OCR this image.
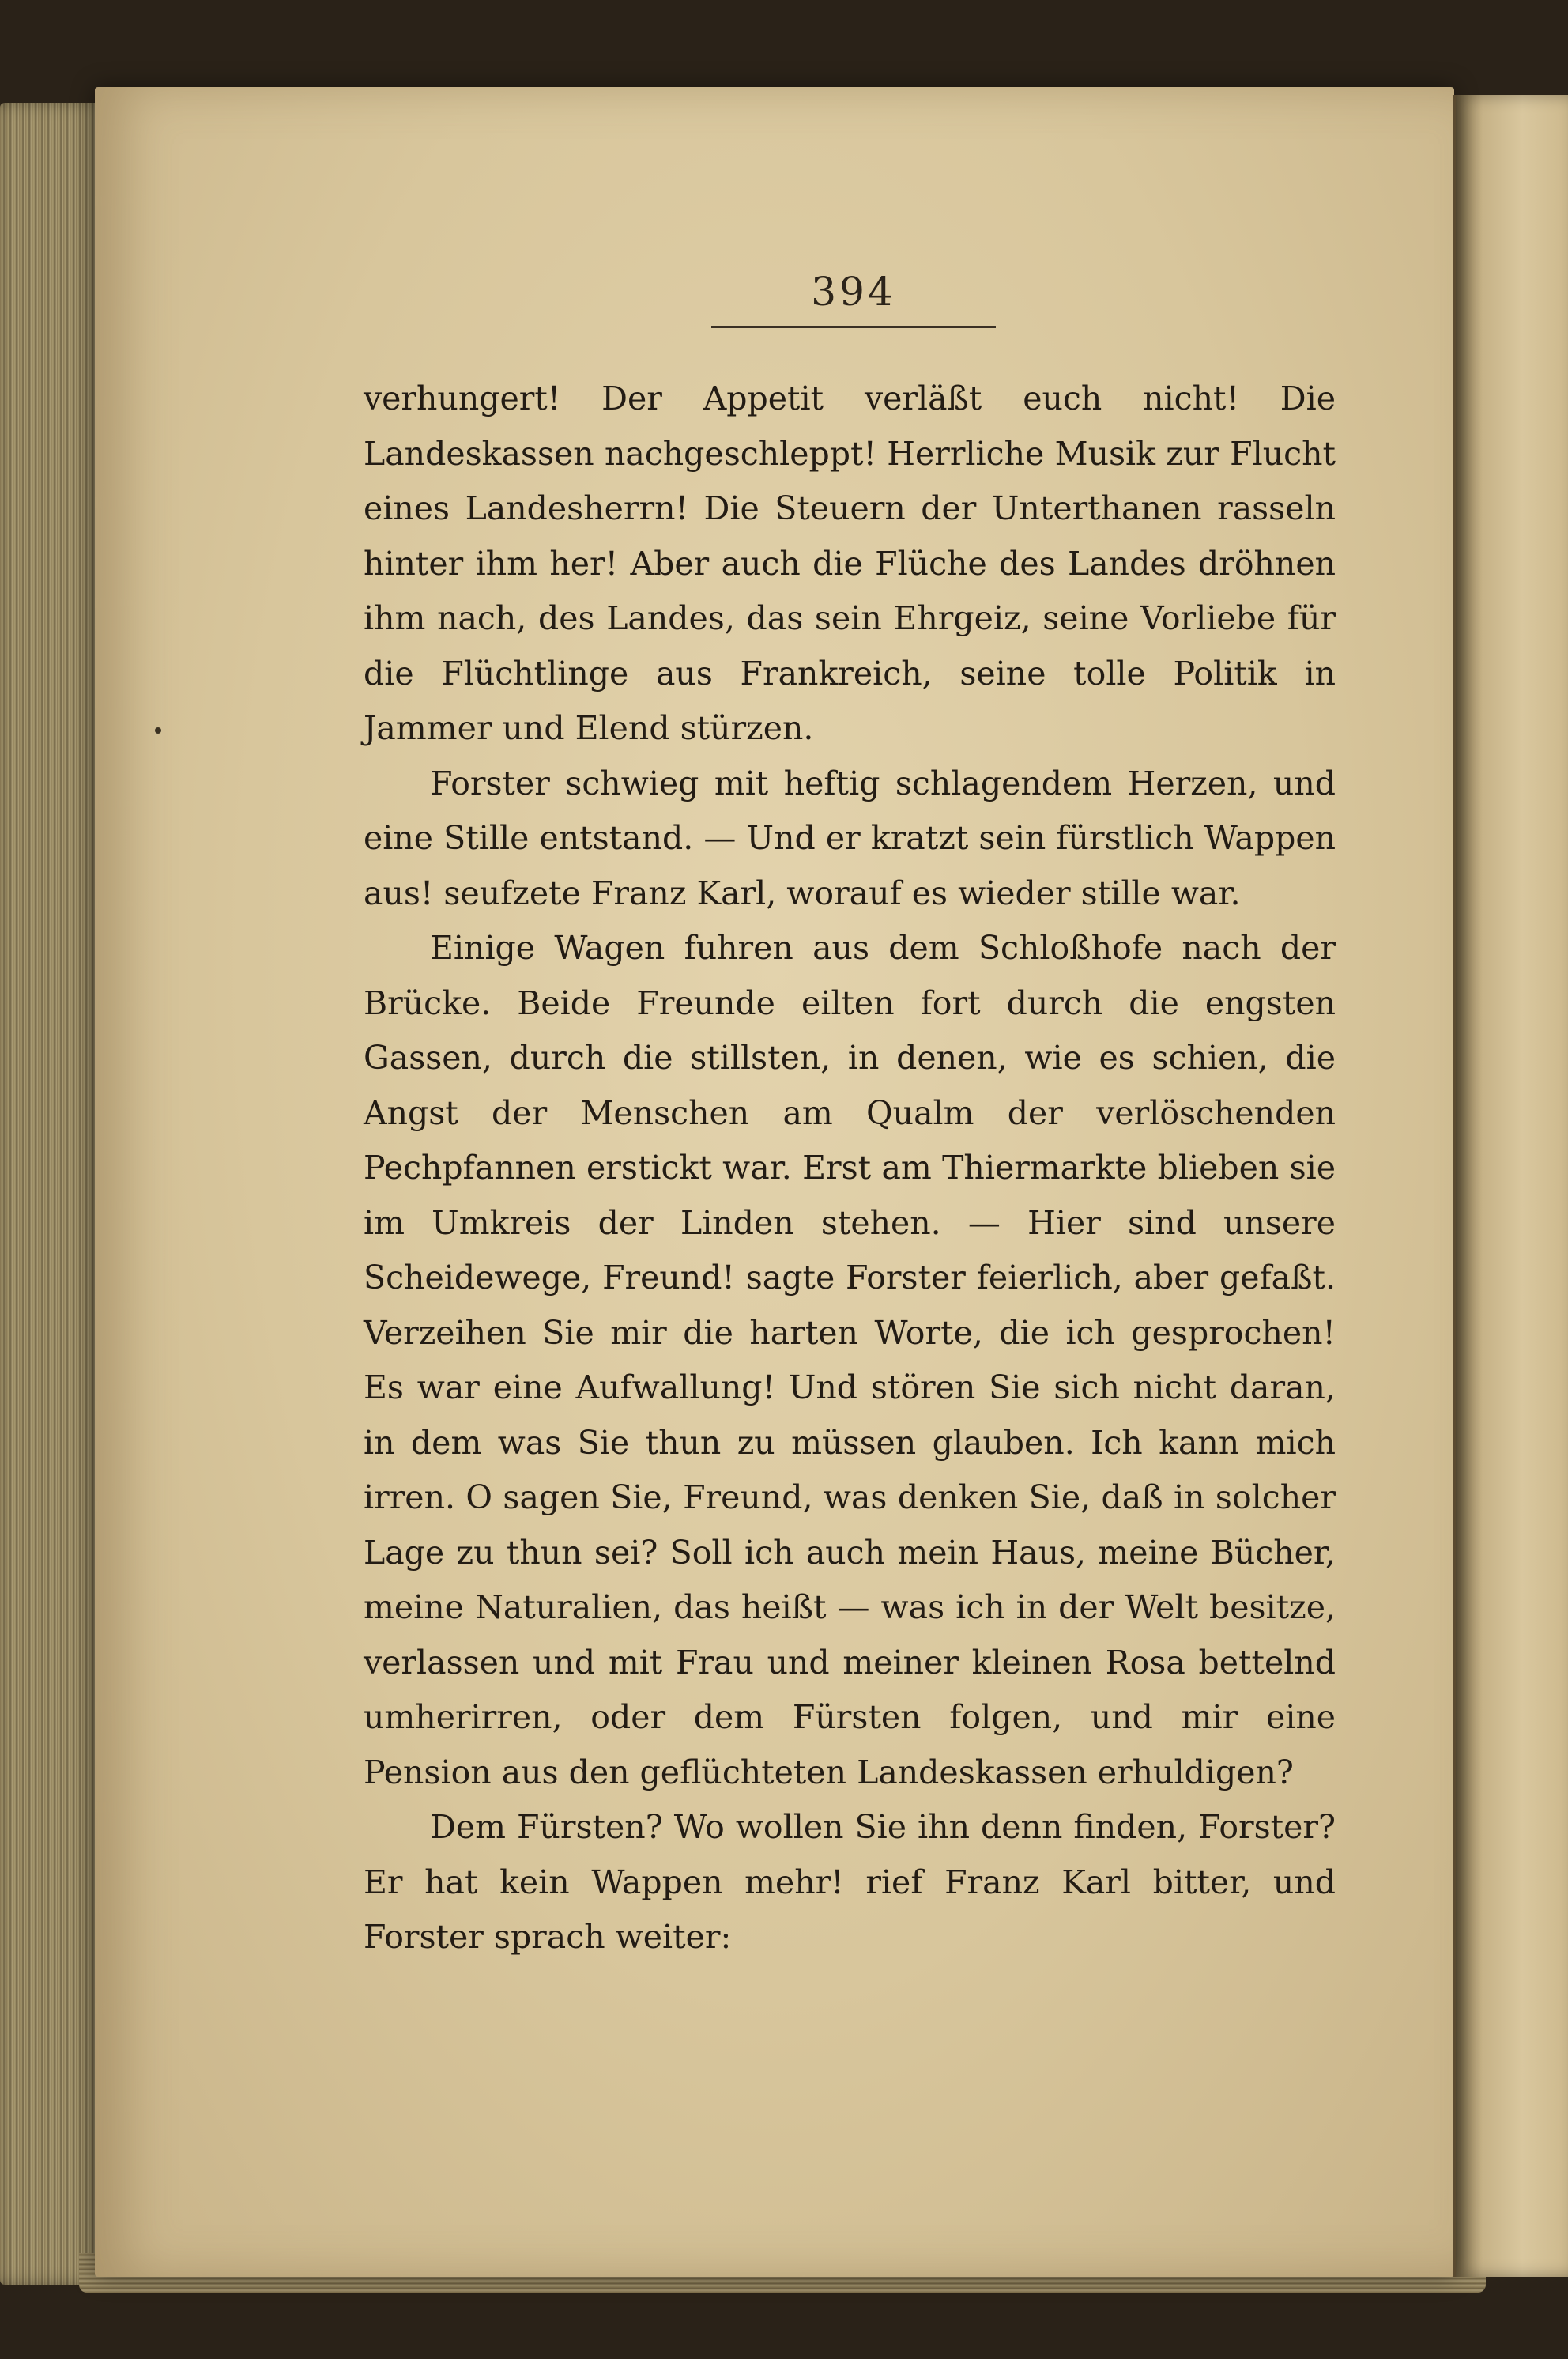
394

verhungert! Der Appetit verläßt euch nicht! Die Landeskassen nachgeschleppt! Herrliche Musik zur Flucht eines Landesherrn! Die Steuern der Unterthanen rasseln hinter ihm her! Aber auch die Flüche des Landes dröhnen ihm nach, des Landes, das sein Ehrgeiz, seine Vorliebe für die Flüchtlinge aus Frankreich, seine tolle Politik in Jammer und Elend stürzen.

Forster schwieg mit heftig schlagendem Herzen, und eine Stille entstand. — Und er kratzt sein fürstlich Wappen aus! seufzete Franz Karl, worauf es wieder stille war.

Einige Wagen fuhren aus dem Schloßhofe nach der Brücke. Beide Freunde eilten fort durch die engsten Gassen, durch die stillsten, in denen, wie es schien, die Angst der Menschen am Qualm der verlöschenden Pechpfannen erstickt war. Erst am Thiermarkte blieben sie im Umkreis der Linden stehen. — Hier sind unsere Scheidewege, Freund! sagte Forster feierlich, aber gefaßt. Verzeihen Sie mir die harten Worte, die ich gesprochen! Es war eine Aufwallung! Und stören Sie sich nicht daran, in dem was Sie thun zu müssen glauben. Ich kann mich irren. O sagen Sie, Freund, was denken Sie, daß in solcher Lage zu thun sei? Soll ich auch mein Haus, meine Bücher, meine Naturalien, das heißt — was ich in der Welt besitze, verlassen und mit Frau und meiner kleinen Rosa bettelnd umherirren, oder dem Fürsten folgen, und mir eine Pension aus den geflüchteten Landeskassen erhuldigen?

Dem Fürsten? Wo wollen Sie ihn denn finden, Forster? Er hat kein Wappen mehr! rief Franz Karl bitter, und Forster sprach weiter:
